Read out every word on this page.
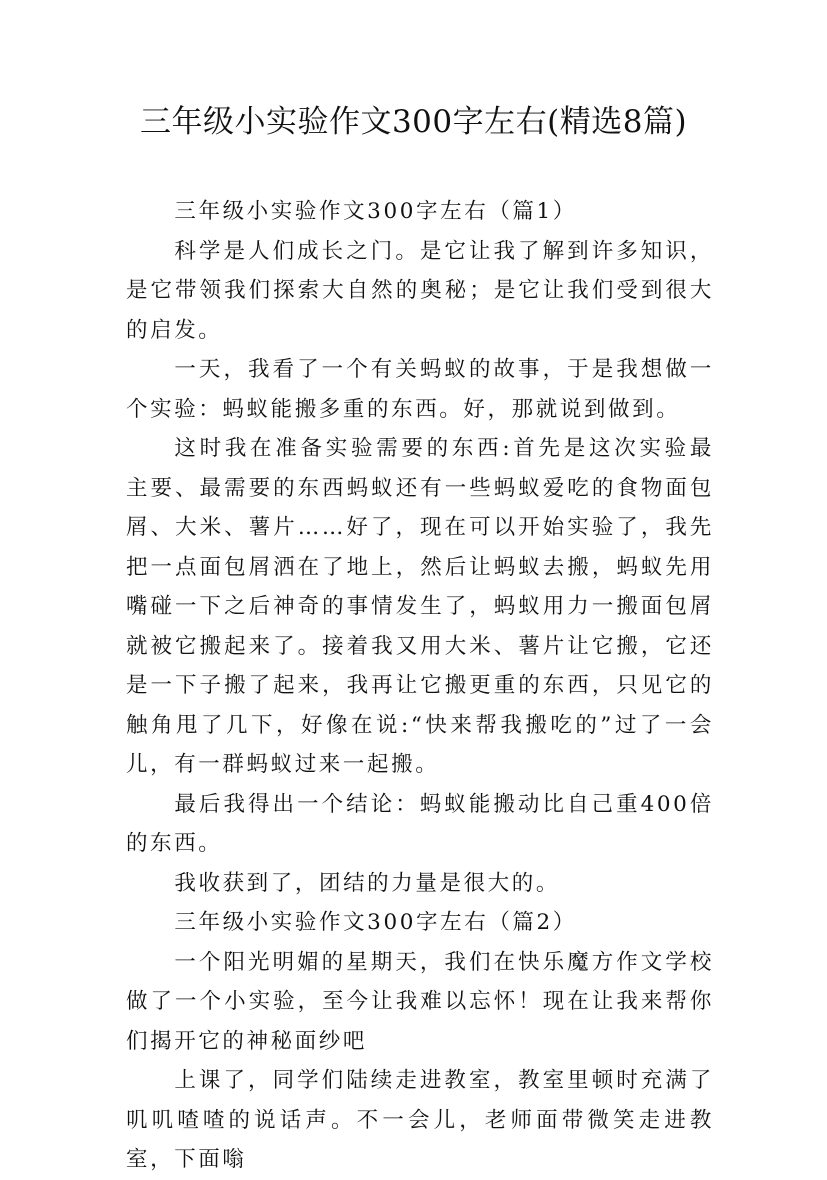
三年级小实验作文300字左右(精选8篇)

三年级小实验作文300字左右（篇1）

科学是人们成长之门。是它让我了解到许多知识，是它带领我们探索大自然的奥秘；是它让我们受到很大的启发。

一天，我看了一个有关蚂蚁的故事，于是我想做一个实验：蚂蚁能搬多重的东西。好，那就说到做到。

这时我在准备实验需要的东西:首先是这次实验最主要、最需要的东西蚂蚁还有一些蚂蚁爱吃的食物面包屑、大米、薯片……好了，现在可以开始实验了，我先把一点面包屑洒在了地上，然后让蚂蚁去搬，蚂蚁先用嘴碰一下之后神奇的事情发生了，蚂蚁用力一搬面包屑就被它搬起来了。接着我又用大米、薯片让它搬，它还是一下子搬了起来，我再让它搬更重的东西，只见它的触角甩了几下，好像在说:“快来帮我搬吃的”过了一会儿，有一群蚂蚁过来一起搬。

最后我得出一个结论：蚂蚁能搬动比自己重400倍的东西。

我收获到了，团结的力量是很大的。

三年级小实验作文300字左右（篇2）

一个阳光明媚的星期天，我们在快乐魔方作文学校做了一个小实验，至今让我难以忘怀！现在让我来帮你们揭开它的神秘面纱吧

上课了，同学们陆续走进教室，教室里顿时充满了叽叽喳喳的说话声。不一会儿，老师面带微笑走进教室，下面嗡
